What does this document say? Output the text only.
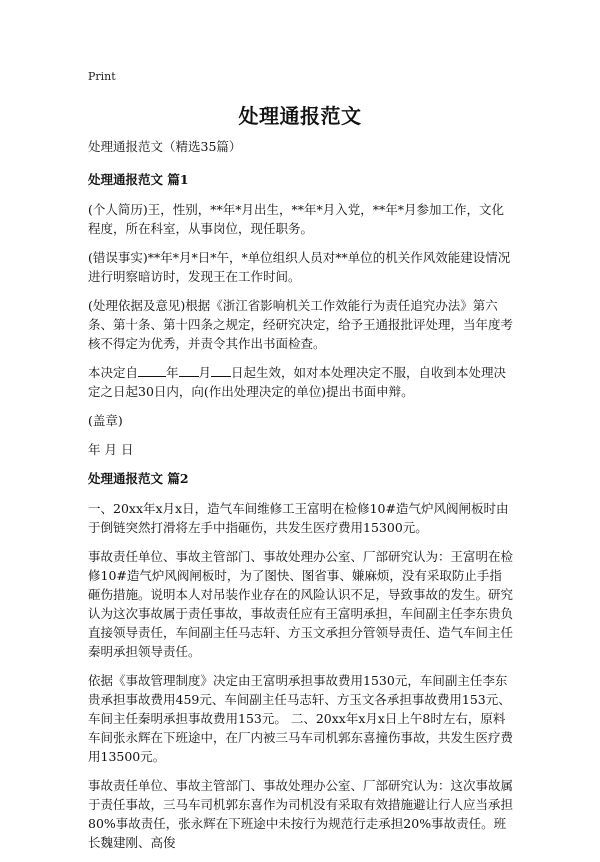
Print
处理通报范文

处理通报范文（精选35篇）

处理通报范文 篇1

(个人简历)王，性别，**年*月出生，**年*月入党，**年*月参加工作，文化程度，所在科室，从事岗位，现任职务。

(错误事实)**年*月*日*午，*单位组织人员对**单位的机关作风效能建设情况进行明察暗访时，发现王在工作时间。

(处理依据及意见)根据《浙江省影响机关工作效能行为责任追究办法》第六条、第十条、第十四条之规定，经研究决定，给予王通报批评处理，当年度考核不得定为优秀，并责令其作出书面检查。

本决定自 年 月 日起生效，如对本处理决定不服，自收到本处理决定之日起30日内，向(作出处理决定的单位)提出书面申辩。

(盖章)

年 月 日

处理通报范文 篇2

一、20xx年x月x日，造气车间维修工王富明在检修10#造气炉风阀闸板时由于倒链突然打滑将左手中指砸伤，共发生医疗费用15300元。

事故责任单位、事故主管部门、事故处理办公室、厂部研究认为：王富明在检修10#造气炉风阀闸板时，为了图快、图省事、嫌麻烦，没有采取防止手指砸伤措施。说明本人对吊装作业存在的风险认识不足，导致事故的发生。研究认为这次事故属于责任事故，事故责任应有王富明承担，车间副主任李东贵负直接领导责任，车间副主任马志轩、方玉文承担分管领导责任、造气车间主任秦明承担领导责任。

依据《事故管理制度》决定由王富明承担事故费用1530元，车间副主任李东贵承担事故费用459元、车间副主任马志轩、方玉文各承担事故费用153元、车间主任秦明承担事故费用153元。 二、20xx年x月x日上午8时左右，原料车间张永辉在下班途中，在厂内被三马车司机郭东喜撞伤事故，共发生医疗费用13500元。

事故责任单位、事故主管部门、事故处理办公室、厂部研究认为：这次事故属于责任事故，三马车司机郭东喜作为司机没有采取有效措施避让行人应当承担80%事故责任，张永辉在下班途中未按行为规范行走承担20%事故责任。班长魏建刚、高俊
